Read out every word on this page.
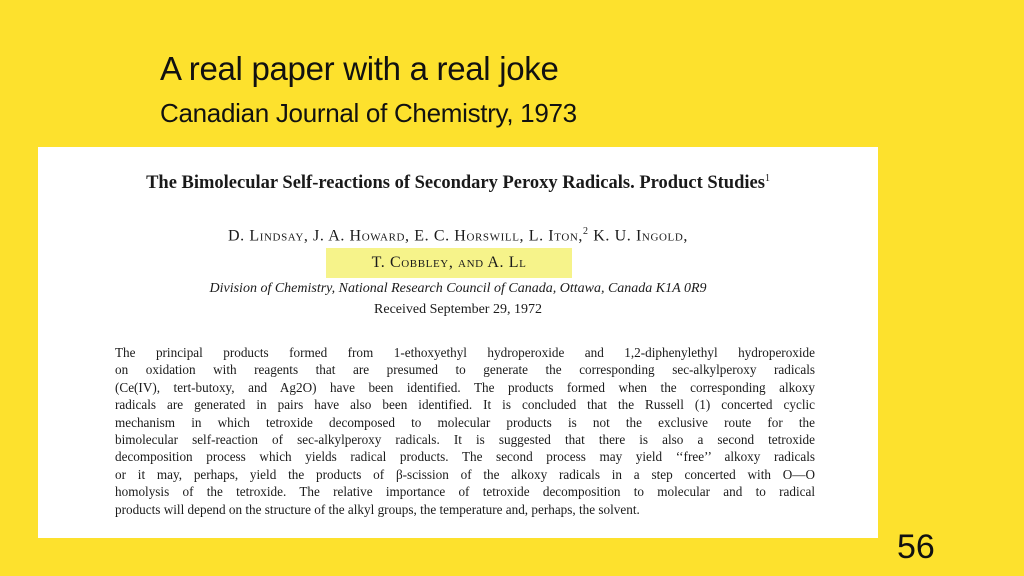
A real paper with a real joke
Canadian Journal of Chemistry, 1973
The Bimolecular Self-reactions of Secondary Peroxy Radicals. Product Studies$^1$
D. Lindsay, J. A. Howard, E. C. Horswill, L. Iton,$^2$ K. U. Ingold,
T. Cobbley, and A. Ll
Division of Chemistry, National Research Council of Canada, Ottawa, Canada K1A 0R9
Received September 29, 1972
The principal products formed from 1-ethoxyethyl hydroperoxide and 1,2-diphenylethyl hydroperoxide
on oxidation with reagents that are presumed to generate the corresponding sec-alkylperoxy radicals
(Ce(IV), tert-butoxy, and Ag2O) have been identified. The products formed when the corresponding alkoxy
radicals are generated in pairs have also been identified. It is concluded that the Russell (1) concerted cyclic
mechanism in which tetroxide decomposed to molecular products is not the exclusive route for the
bimolecular self-reaction of sec-alkylperoxy radicals. It is suggested that there is also a second tetroxide
decomposition process which yields radical products. The second process may yield ‘‘free’’ alkoxy radicals
or it may, perhaps, yield the products of β-scission of the alkoxy radicals in a step concerted with O—O
homolysis of the tetroxide. The relative importance of tetroxide decomposition to molecular and to radical
products will depend on the structure of the alkyl groups, the temperature and, perhaps, the solvent.
56
